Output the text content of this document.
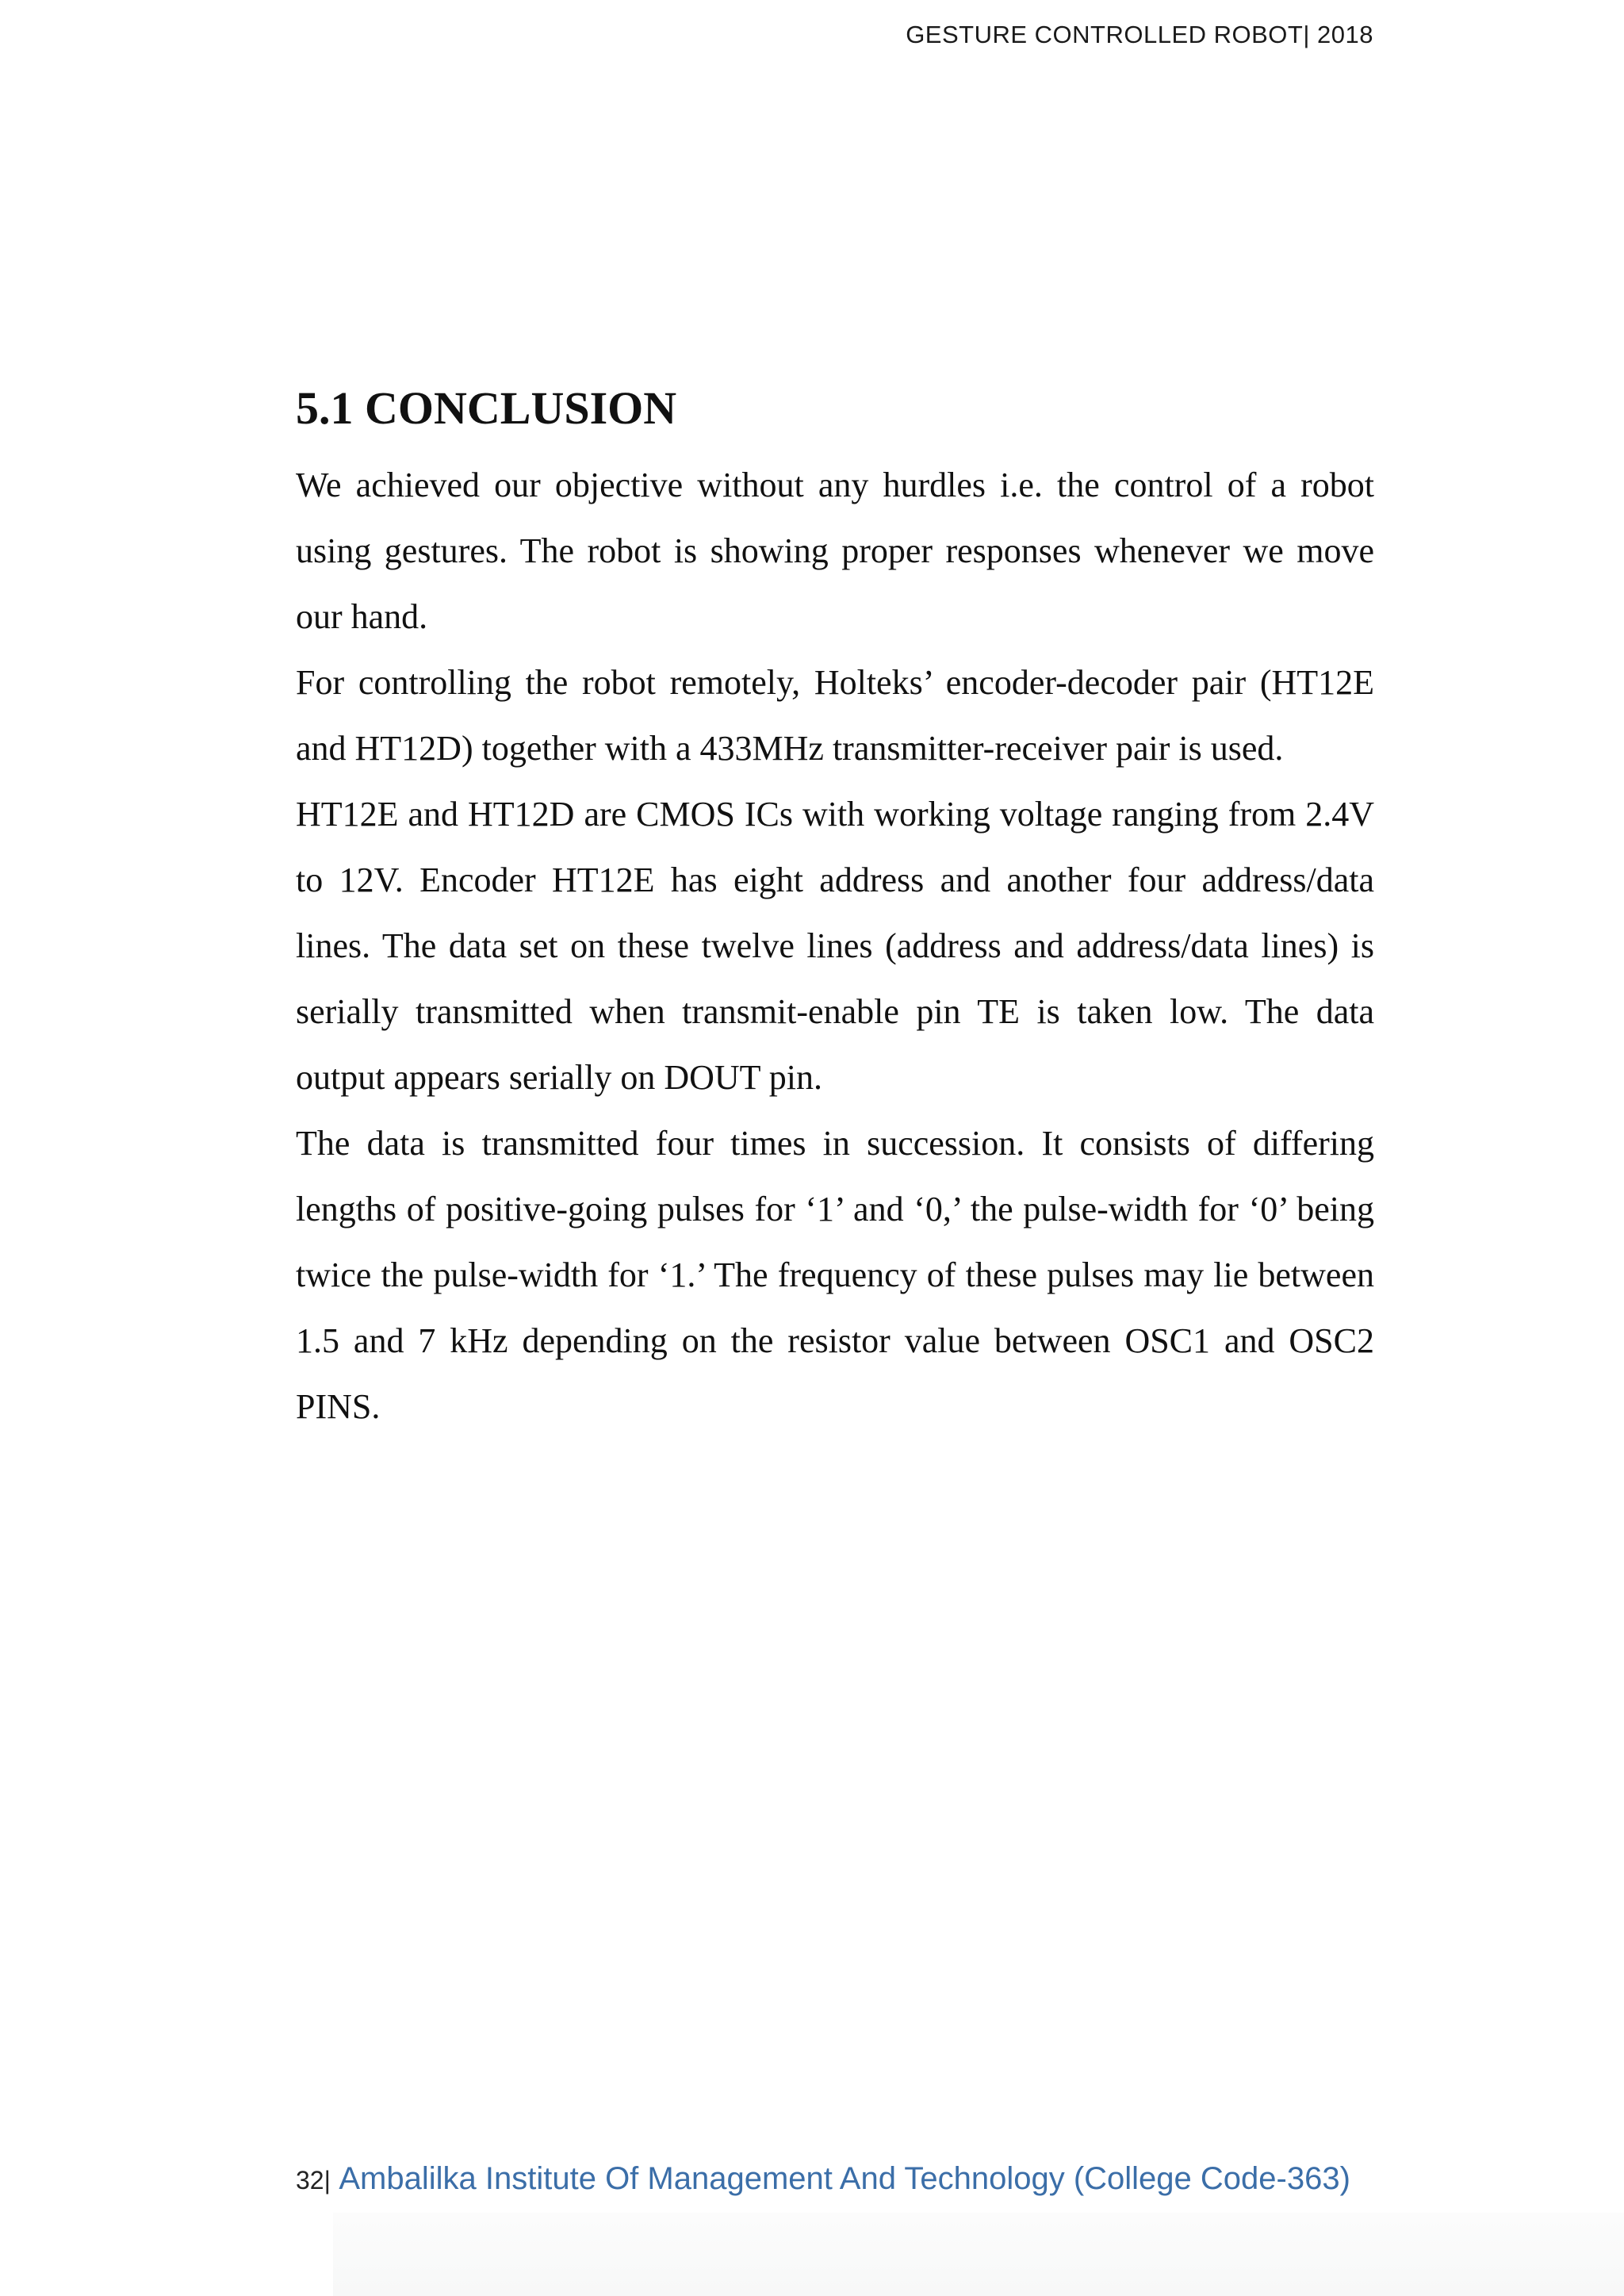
GESTURE CONTROLLED ROBOT| 2018
5.1 CONCLUSION

We achieved our objective without any hurdles i.e. the control of a robot using gestures. The robot is showing proper responses whenever we move our hand.

For controlling the robot remotely, Holteks’ encoder-decoder pair (HT12E and HT12D) together with a 433MHz transmitter-receiver pair is used.

HT12E and HT12D are CMOS ICs with working voltage ranging from 2.4V to 12V. Encoder HT12E has eight address and another four address/data lines. The data set on these twelve lines (address and address/data lines) is serially transmitted when transmit-enable pin TE is taken low. The data output appears serially on DOUT pin.

The data is transmitted four times in succession. It consists of differing lengths of positive-going pulses for ‘1’ and ‘0,’ the pulse-width for ‘0’ being twice the pulse-width for ‘1.’ The frequency of these pulses may lie between 1.5 and 7 kHz depending on the resistor value between OSC1 and OSC2 PINS.

32| Ambalilka Institute Of Management And Technology (College Code-363)
